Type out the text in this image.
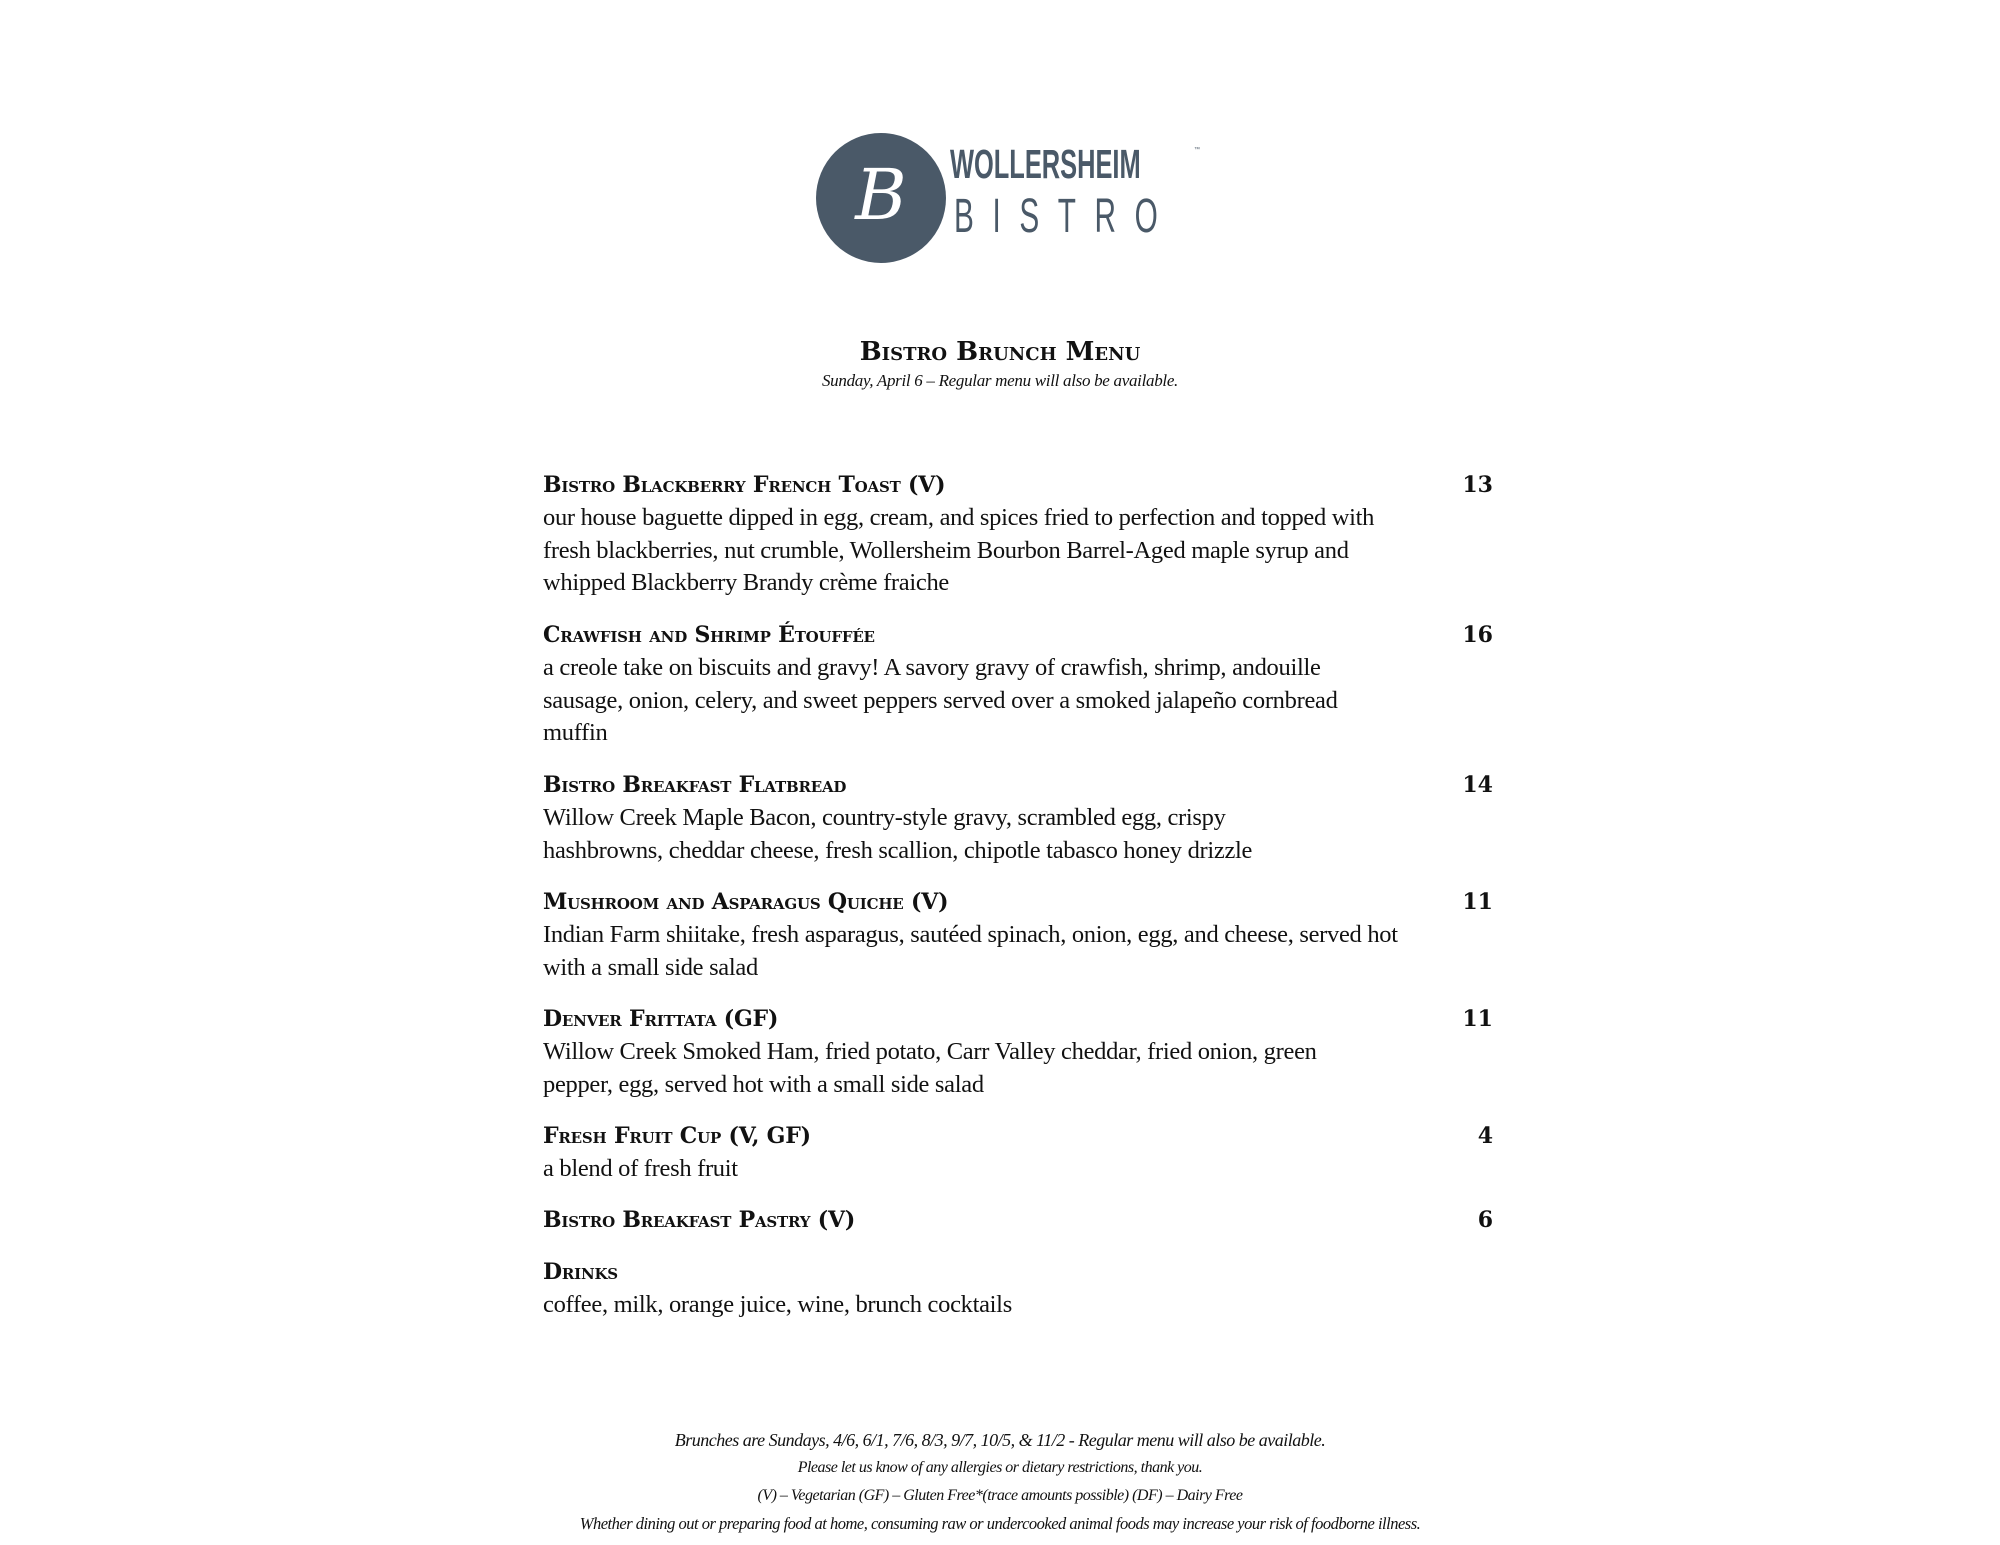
B WOLLERSHEIM	™
BISTRO
Bistro Brunch Menu
Sunday, April 6 – Regular menu will also be available.
Bistro Blackberry French Toast (V)	13
our house baguette dipped in egg, cream, and spices fried to perfection and topped with fresh blackberries, nut crumble, Wollersheim Bourbon Barrel-Aged maple syrup and whipped Blackberry Brandy crème fraiche
Crawfish and Shrimp Étouffée	16
a creole take on biscuits and gravy! A savory gravy of crawfish, shrimp, andouille sausage, onion, celery, and sweet peppers served over a smoked jalapeño cornbread muffin
Bistro Breakfast Flatbread	14
Willow Creek Maple Bacon, country-style gravy, scrambled egg, crispy hashbrowns, cheddar cheese, fresh scallion, chipotle tabasco honey drizzle
Mushroom and Asparagus Quiche (V)	11
Indian Farm shiitake, fresh asparagus, sautéed spinach, onion, egg, and cheese, served hot with a small side salad
Denver Frittata (GF)	11
Willow Creek Smoked Ham, fried potato, Carr Valley cheddar, fried onion, green pepper, egg, served hot with a small side salad
Fresh Fruit Cup (V, GF)	4
a blend of fresh fruit
Bistro Breakfast Pastry (V)	6
Drinks
coffee, milk, orange juice, wine, brunch cocktails
Brunches are Sundays, 4/6, 6/1, 7/6, 8/3, 9/7, 10/5, & 11/2 - Regular menu will also be available.
Please let us know of any allergies or dietary restrictions, thank you.
(V) – Vegetarian (GF) – Gluten Free*(trace amounts possible) (DF) – Dairy Free
Whether dining out or preparing food at home, consuming raw or undercooked animal foods may increase your risk of foodborne illness.
